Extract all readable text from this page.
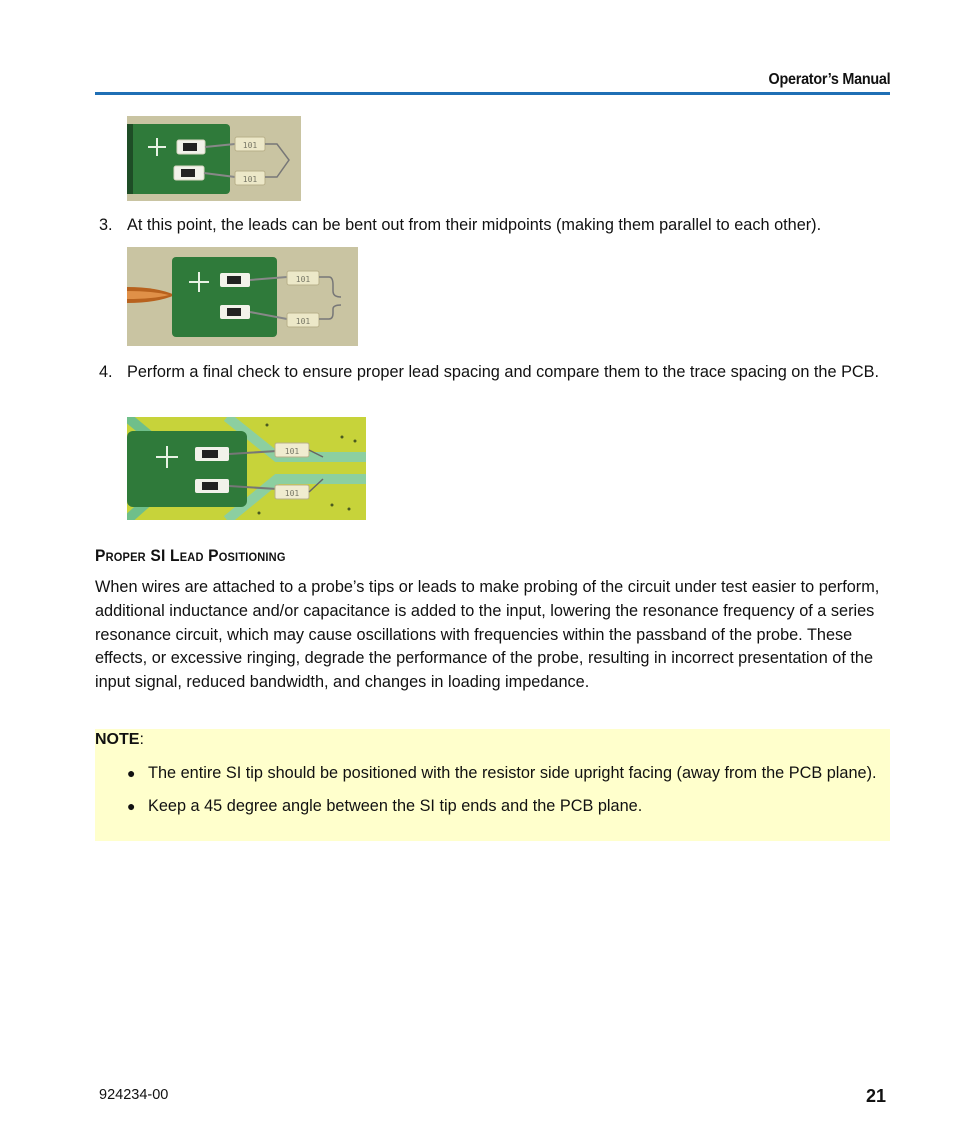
Operator’s Manual
101
101
3. At this point, the leads can be bent out from their midpoints (making them parallel to each other).
101
101
4. Perform a final check to ensure proper lead spacing and compare them to the trace spacing on the PCB.
101
101
Proper SI Lead Positioning
When wires are attached to a probe’s tips or leads to make probing of the circuit under test easier to perform, additional inductance and/or capacitance is added to the input, lowering the resonance frequency of a series resonance circuit, which may cause oscillations with frequencies within the passband of the probe. These effects, or excessive ringing, degrade the performance of the probe, resulting in incorrect presentation of the input signal, reduced bandwidth, and changes in loading impedance.
NOTE:
● The entire SI tip should be positioned with the resistor side upright facing (away from the PCB plane).
● Keep a 45 degree angle between the SI tip ends and the PCB plane.
924234-00	21
